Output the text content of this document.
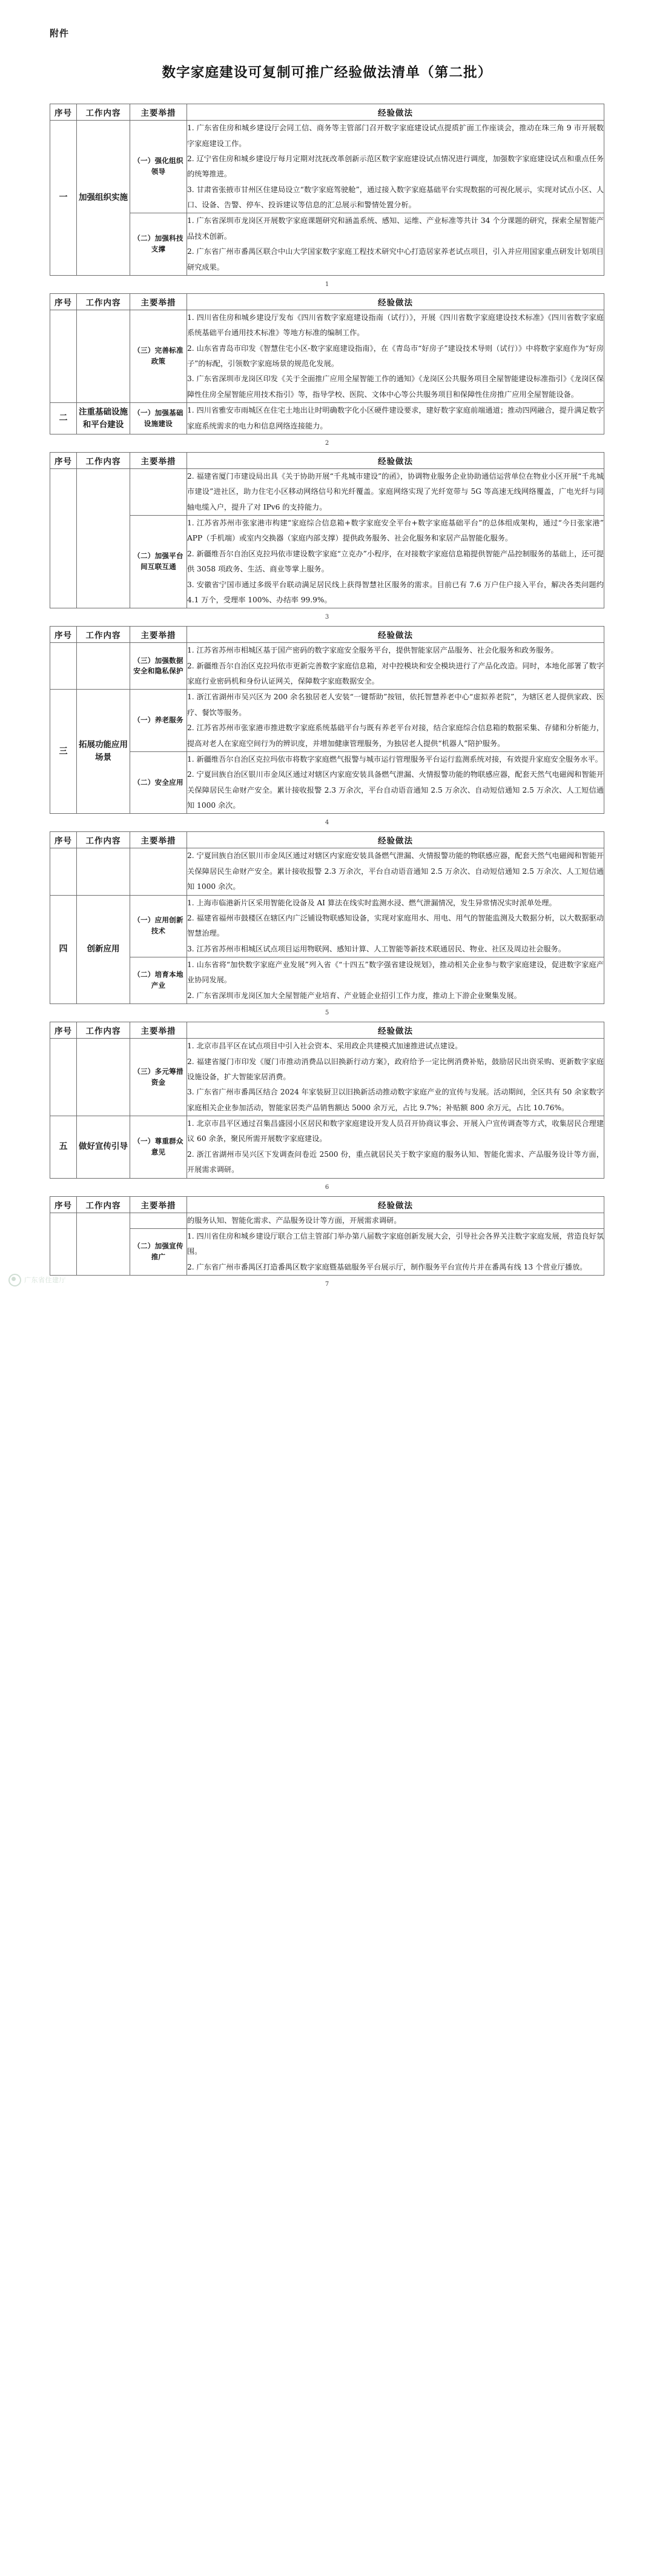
附件
数字家庭建设可复制可推广经验做法清单（第二批）
序号	工作内容	主要举措	经验做法
一	加强组织实施	（一）强化组织领导	1. 广东省住房和城乡建设厅会同工信、商务等主管部门召开数字家庭建设试点提质扩面工作座谈会，推动在珠三角 9 市开展数字家庭建设工作。

2. 辽宁省住房和城乡建设厅每月定期对沈抚改革创新示范区数字家庭建设试点情况进行调度，加强数字家庭建设试点和重点任务的统筹推进。

3. 甘肃省张掖市甘州区住建局设立“数字家庭驾驶舱”，通过接入数字家庭基础平台实现数据的可视化展示，实现对试点小区、人口、设备、告警、停车、投诉建议等信息的汇总展示和警情处置分析。

		（二）加强科技支撑	1. 广东省深圳市龙岗区开展数字家庭课题研究和涵盖系统、感知、运维、产业标准等共计 34 个分课题的研究，探索全屋智能产品技术创新。

2. 广东省广州市番禺区联合中山大学国家数字家庭工程技术研究中心打造居家养老试点项目，引入并应用国家重点研发计划项目研究成果。

1
序号	工作内容	主要举措	经验做法
		（三）完善标准政策	1. 四川省住房和城乡建设厅发布《四川省数字家庭建设指南（试行）》，开展《四川省数字家庭建设技术标准》《四川省数字家庭系统基础平台通用技术标准》等地方标准的编制工作。

2. 山东省青岛市印发《智慧住宅小区-数字家庭建设指南》，在《青岛市“好房子”建设技术导则（试行）》中将数字家庭作为“好房子”的标配，引领数字家庭场景的规范化发展。

3. 广东省深圳市龙岗区印发《关于全面推广应用全屋智能工作的通知》《龙岗区公共服务项目全屋智能建设标准指引》《龙岗区保障性住房全屋智能应用技术指引》等，指导学校、医院、文体中心等公共服务项目和保障性住房推广应用全屋智能设备。

二	注重基础设施和平台建设	（一）加强基础设施建设	1. 四川省雅安市雨城区在住宅土地出让时明确数字化小区硬件建设要求，建好数字家庭前端通道；推动四网融合，提升满足数字家庭系统需求的电力和信息网络连接能力。

2
序号	工作内容	主要举措	经验做法

			2. 福建省厦门市建设局出具《关于协助开展“千兆城市建设”的函》，协调物业服务企业协助通信运营单位在物业小区开展“千兆城市建设”进社区，助力住宅小区移动网络信号和光纤覆盖。家庭网络实现了光纤宽带与 5G 等高速无线网络覆盖，广电光纤与同轴电缆入户，提升了对 IPv6 的支持能力。

		（二）加强平台间互联互通	1. 江苏省苏州市张家港市构建“家庭综合信息箱+数字家庭安全平台+数字家庭基础平台”的总体组成架构，通过“今日张家港”APP（手机端）或室内交换器（家庭内部支撑）提供政务服务、社会化服务和家居产品智能化服务。

2. 新疆维吾尔自治区克拉玛依市建设数字家庭“立克办”小程序，在对接数字家庭信息箱提供智能产品控制服务的基础上，还可提供 3058 项政务、生活、商业等掌上服务。

3. 安徽省宁国市通过多级平台联动满足居民线上获得智慧社区服务的需求。目前已有 7.6 万户住户接入平台，解决各类问题约 4.1 万个，受理率 100%、办结率 99.9%。

3
序号	工作内容	主要举措	经验做法
		（三）加强数据安全和隐私保护	1. 江苏省苏州市相城区基于国产密码的数字家庭安全服务平台，提供智能家居产品服务、社会化服务和政务服务。

2. 新疆维吾尔自治区克拉玛依市更新完善数字家庭信息箱，对中控模块和安全模块进行了产品化改造。同时，本地化部署了数字家庭行业密码机和身份认证网关，保障数字家庭数据安全。

三	拓展功能应用场景	（一）养老服务	1. 浙江省湖州市吴兴区为 200 余名独居老人安装“一键帮助”按钮，依托智慧养老中心“虚拟养老院”，为辖区老人提供家政、医疗、餐饮等服务。

2. 江苏省苏州市张家港市推进数字家庭系统基础平台与既有养老平台对接，结合家庭综合信息箱的数据采集、存储和分析能力，提高对老人在家庭空间行为的辨识度，并增加健康管理服务，为独居老人提供“机器人”陪护服务。

		（二）安全应用	1. 新疆维吾尔自治区克拉玛依市将数字家庭燃气报警与城市运行管理服务平台运行监测系统对接，有效提升家庭安全服务水平。

2. 宁夏回族自治区银川市金凤区通过对辖区内家庭安装具备燃气泄漏、火情报警功能的物联感应器，配套天然气电磁阀和智能开关保障居民生命财产安全。累计接收报警 2.3 万余次，平台自动语音通知 2.5 万余次、自动短信通知 2.5 万余次、人工短信通知 1000 余次。

4
序号	工作内容	主要举措	经验做法

			2. 宁夏回族自治区银川市金凤区通过对辖区内家庭安装具备燃气泄漏、火情报警功能的物联感应器，配套天然气电磁阀和智能开关保障居民生命财产安全。累计接收报警 2.3 万余次，平台自动语音通知 2.5 万余次、自动短信通知 2.5 万余次、人工短信通知 1000 余次。

四	创新应用	（一）应用创新技术	1. 上海市临港新片区采用智能化设备及 AI 算法在线实时监测水浸、燃气泄漏情况，发生异常情况实时派单处理。

2. 福建省福州市鼓楼区在辖区内广泛铺设物联感知设备，实现对家庭用水、用电、用气的智能监测及大数据分析，以大数据驱动智慧治理。

3. 江苏省苏州市相城区试点项目运用物联网、感知计算、人工智能等新技术联通居民、物业、社区及周边社会服务。

		（二）培育本地产业	1. 山东省将“加快数字家庭产业发展”列入省《“十四五”数字强省建设规划》，推动相关企业参与数字家庭建设，促进数字家庭产业协同发展。

2. 广东省深圳市龙岗区加大全屋智能产业培育、产业链企业招引工作力度，推动上下游企业聚集发展。

5
序号	工作内容	主要举措	经验做法
		（三）多元筹措资金	1. 北京市昌平区在试点项目中引入社会资本、采用政企共建模式加速推进试点建设。

2. 福建省厦门市印发《厦门市推动消费品以旧换新行动方案》，政府给予一定比例消费补贴，鼓励居民出资采购、更新数字家庭设施设备，扩大智能家居消费。

3. 广东省广州市番禺区结合 2024 年家装厨卫以旧换新活动推动数字家庭产业的宣传与发展。活动期间，全区共有 50 余家数字家庭相关企业参加活动，智能家居类产品销售额达 5000 余万元，占比 9.7%；补贴额 800 余万元，占比 10.76%。

五	做好宣传引导	（一）尊重群众意见	1. 北京市昌平区通过召集昌盛园小区居民和数字家庭建设开发人员召开协商议事会、开展入户宣传调查等方式，收集居民合理建议 60 余条，聚民所需开展数字家庭建设。

2. 浙江省湖州市吴兴区下发调查问卷近 2500 份，重点就居民关于数字家庭的服务认知、智能化需求、产品服务设计等方面，开展需求调研。

6
序号	工作内容	主要举措	经验做法

			的服务认知、智能化需求、产品服务设计等方面，开展需求调研。

		（二）加强宣传推广	1. 四川省住房和城乡建设厅联合工信主管部门举办第八届数字家庭创新发展大会，引导社会各界关注数字家庭发展，营造良好氛围。

2. 广东省广州市番禺区打造番禺区数字家庭暨基础服务平台展示厅，制作服务平台宣传片并在番禺有线 13 个营业厅播放。

7
广东省住建厅
